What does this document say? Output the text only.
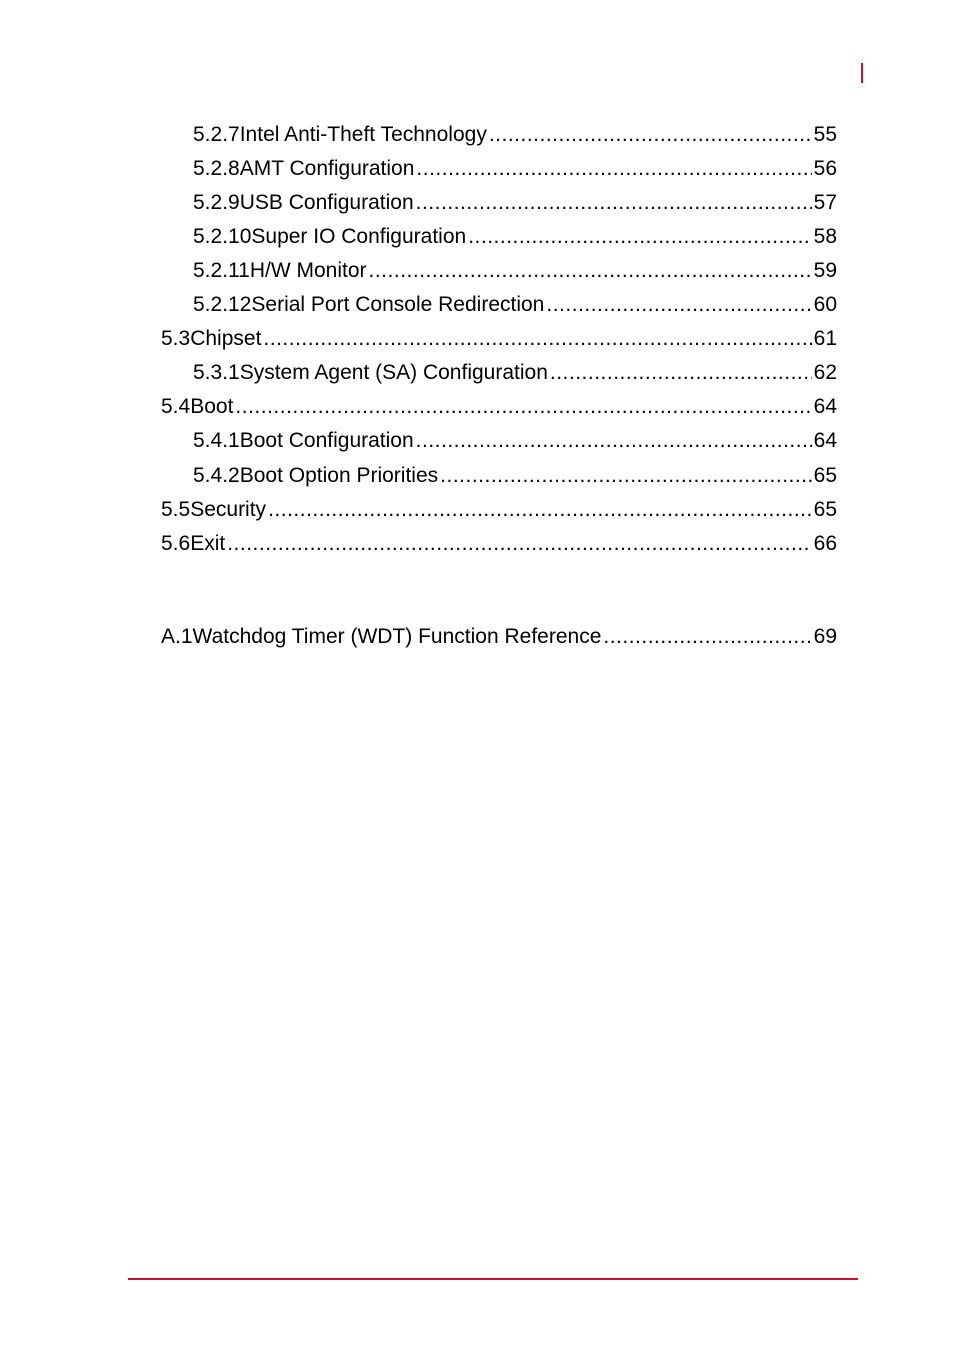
5.2.7 Intel Anti-Theft Technology .....	55
5.2.8 AMT Configuration .....	56
5.2.9 USB Configuration .....	57
5.2.10 Super IO Configuration .....	58
5.2.11 H/W Monitor .....	59
5.2.12 Serial Port Console Redirection .....	60
5.3 Chipset .....	61
5.3.1 System Agent (SA) Configuration .....	62
5.4 Boot .....	64
5.4.1 Boot Configuration .....	64
5.4.2 Boot Option Priorities .....	65
5.5 Security .....	65
5.6 Exit .....	66
A.1 Watchdog Timer (WDT) Function Reference .....	69
